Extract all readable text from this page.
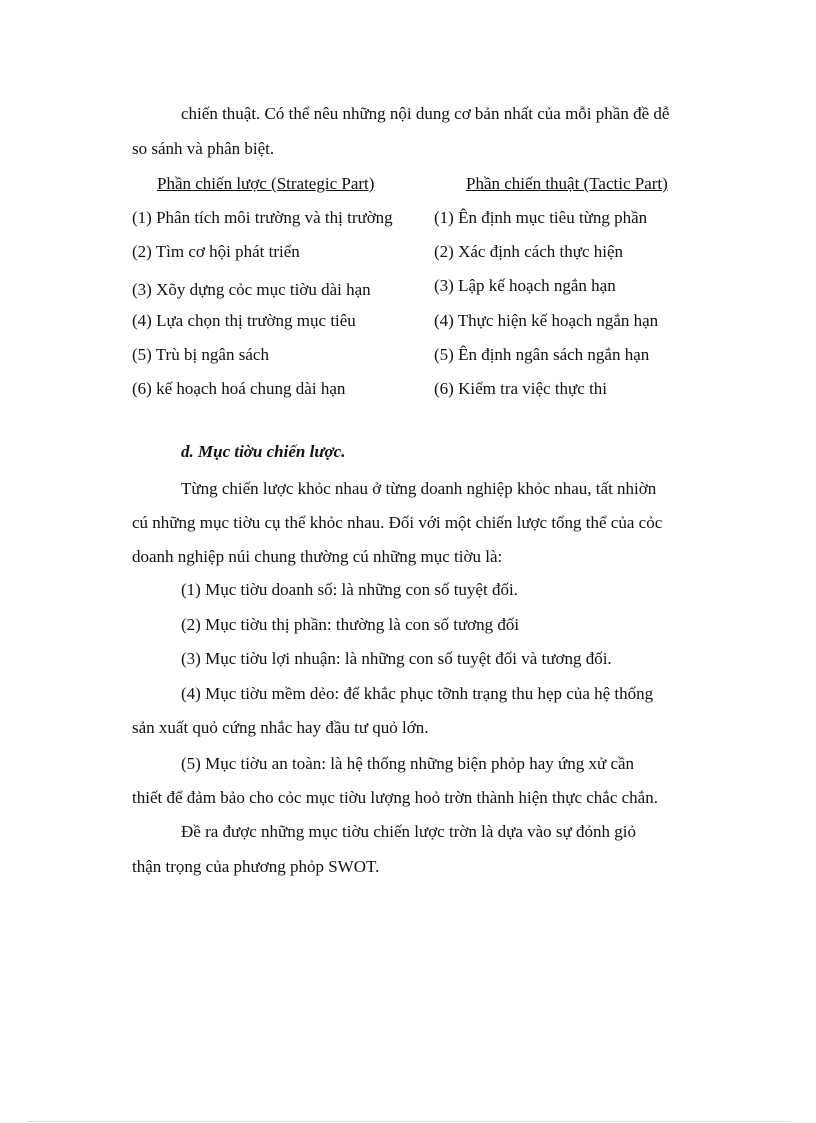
chiến thuật. Có thể nêu những nội dung cơ bản nhất của mỗi phần đề dễ
so sánh và phân biệt.
Phần chiến lược (Strategic Part)	Phần chiến thuật (Tactic Part)
(1) Phân tích môi trường và thị trường (1) Ên định mục tiêu từng phần
(2) Tìm cơ hội phát triển	(2) Xác định cách thực hiện
(3) Xõy dựng cỏc mục tiờu dài hạn	(3) Lập kế hoạch ngắn hạn
(4) Lựa chọn thị trường mục tiêu	(4) Thực hiện kế hoạch ngắn hạn
(5) Trù bị ngân sách	(5) Ên định ngân sách ngắn hạn
(6) kế hoạch hoá chung dài hạn	(6) Kiểm tra việc thực thi
d. Mục tiờu chiến lược.
Từng chiến lược khỏc nhau ở từng doanh nghiệp khỏc nhau, tất nhiờn
cú những mục tiờu cụ thể khỏc nhau. Đối với một chiến lược tổng thể của cỏc
doanh nghiệp núi chung thường cú những mục tiờu là:
(1) Mục tiờu doanh số: là những con số tuyệt đối.
(2) Mục tiờu thị phần: thường là con số tương đối
(3) Mục tiờu lợi nhuận: là những con số tuyệt đối và tương đối.
(4) Mục tiờu mềm dẻo: để khắc phục tỡnh trạng thu hẹp của hệ thống
sản xuất quỏ cứng nhắc hay đầu tư quỏ lớn.
(5) Mục tiờu an toàn: là hệ thống những biện phỏp hay ứng xử cần
thiết để đảm bảo cho cỏc mục tiờu lượng hoỏ trờn thành hiện thực chắc chắn.
Đề ra được những mục tiờu chiến lược trờn là dựa vào sự đỏnh giỏ
thận trọng của phương phỏp SWOT.
